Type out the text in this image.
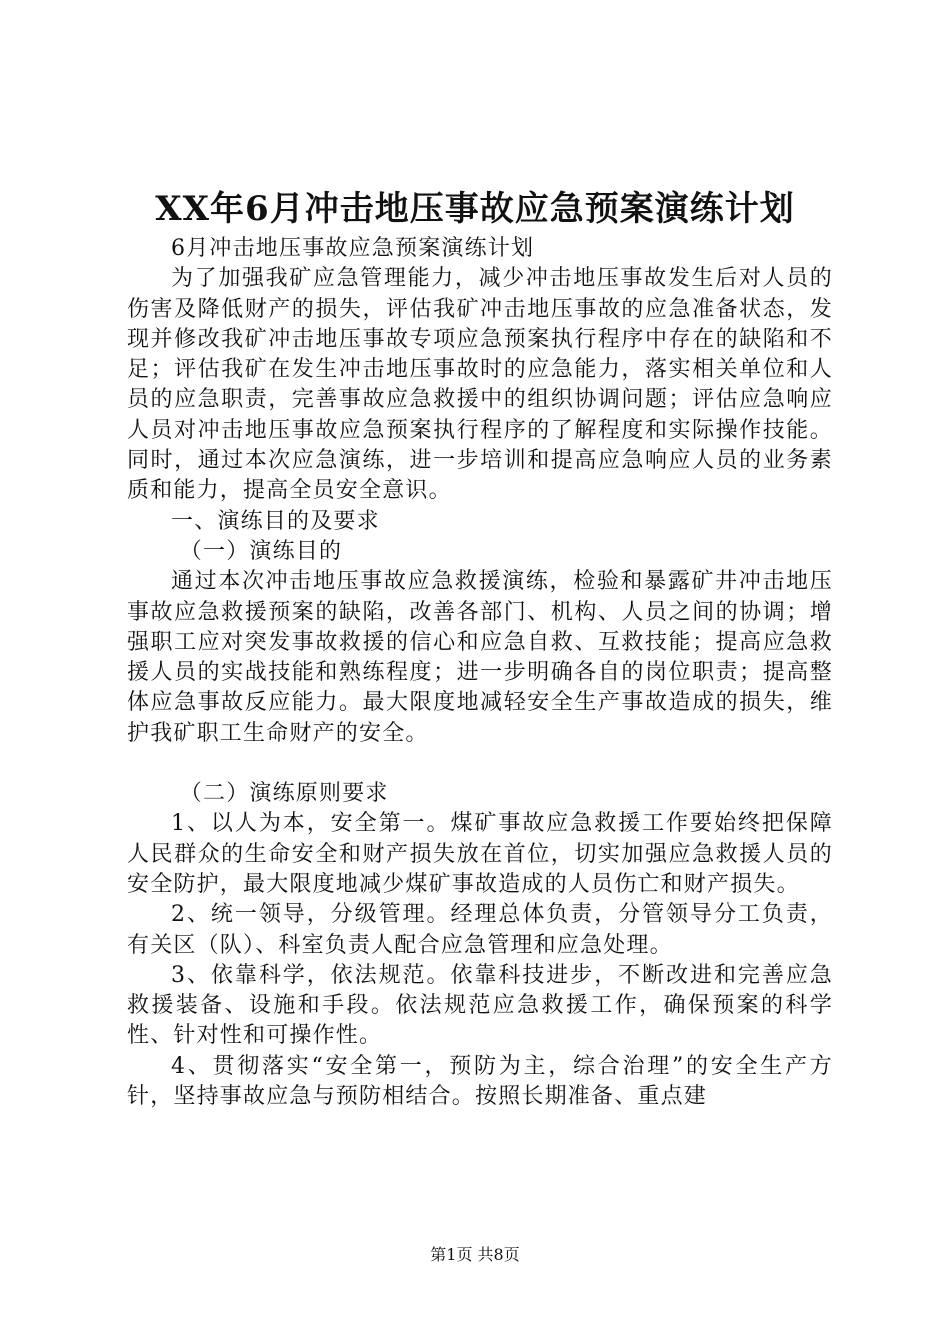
XX年6月冲击地压事故应急预案演练计划

6月冲击地压事故应急预案演练计划

为了加强我矿应急管理能力，减少冲击地压事故发生后对人员的伤害及降低财产的损失，评估我矿冲击地压事故的应急准备状态，发现并修改我矿冲击地压事故专项应急预案执行程序中存在的缺陷和不足；评估我矿在发生冲击地压事故时的应急能力，落实相关单位和人员的应急职责，完善事故应急救援中的组织协调问题；评估应急响应人员对冲击地压事故应急预案执行程序的了解程度和实际操作技能。同时，通过本次应急演练，进一步培训和提高应急响应人员的业务素质和能力，提高全员安全意识。

一、演练目的及要求

（一）演练目的

通过本次冲击地压事故应急救援演练，检验和暴露矿井冲击地压事故应急救援预案的缺陷，改善各部门、机构、人员之间的协调；增强职工应对突发事故救援的信心和应急自救、互救技能；提高应急救援人员的实战技能和熟练程度；进一步明确各自的岗位职责；提高整体应急事故反应能力。最大限度地减轻安全生产事故造成的损失，维护我矿职工生命财产的安全。

（二）演练原则要求

1、以人为本，安全第一。煤矿事故应急救援工作要始终把保障人民群众的生命安全和财产损失放在首位，切实加强应急救援人员的安全防护，最大限度地减少煤矿事故造成的人员伤亡和财产损失。

2、统一领导，分级管理。经理总体负责，分管领导分工负责，有关区（队）、科室负责人配合应急管理和应急处理。

3、依靠科学，依法规范。依靠科技进步，不断改进和完善应急救援装备、设施和手段。依法规范应急救援工作，确保预案的科学性、针对性和可操作性。

4、贯彻落实“安全第一，预防为主，综合治理”的安全生产方针，坚持事故应急与预防相结合。按照长期准备、重点建

第1页 共8页
